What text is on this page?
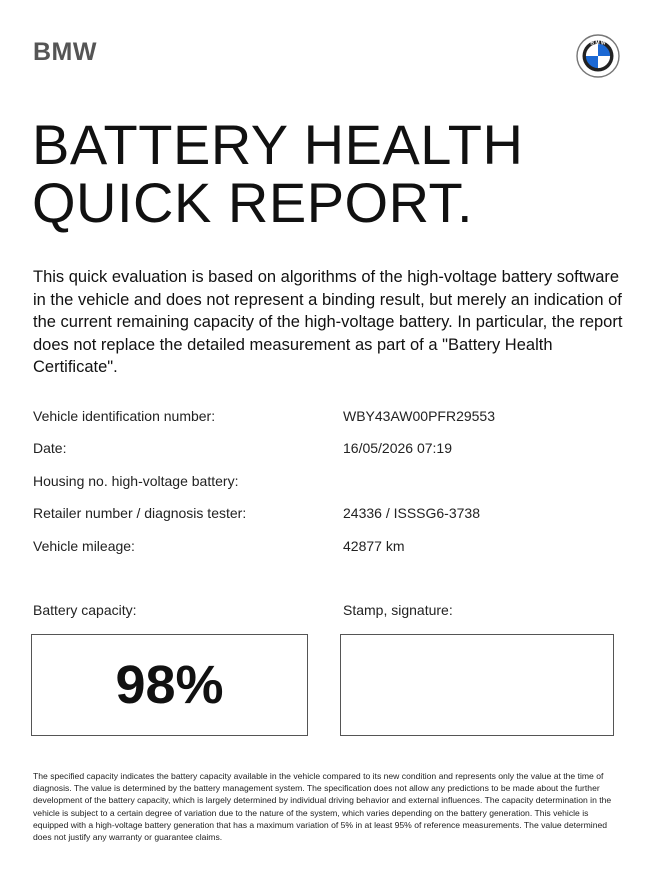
BMW	B M W
BATTERY HEALTH
QUICK REPORT.
This quick evaluation is based on algorithms of the high-voltage battery software in the vehicle and does not represent a binding result, but merely an indication of the current remaining capacity of the high-voltage battery. In particular, the report does not replace the detailed measurement as part of a "Battery Health Certificate".
Vehicle identification number:	WBY43AW00PFR29553
Date:	16/05/2026 07:19
Housing no. high-voltage battery:
Retailer number / diagnosis tester:	24336 / ISSSG6-3738
Vehicle mileage:	42877 km
Battery capacity:	Stamp, signature:
98%
The specified capacity indicates the battery capacity available in the vehicle compared to its new condition and represents only the value at the time of diagnosis. The value is determined by the battery management system. The specification does not allow any predictions to be made about the further development of the battery capacity, which is largely determined by individual driving behavior and external influences. The capacity determination in the vehicle is subject to a certain degree of variation due to the nature of the system, which varies depending on the battery generation. This vehicle is equipped with a high-voltage battery generation that has a maximum variation of 5% in at least 95% of reference measurements. The value determined does not justify any warranty or guarantee claims.
